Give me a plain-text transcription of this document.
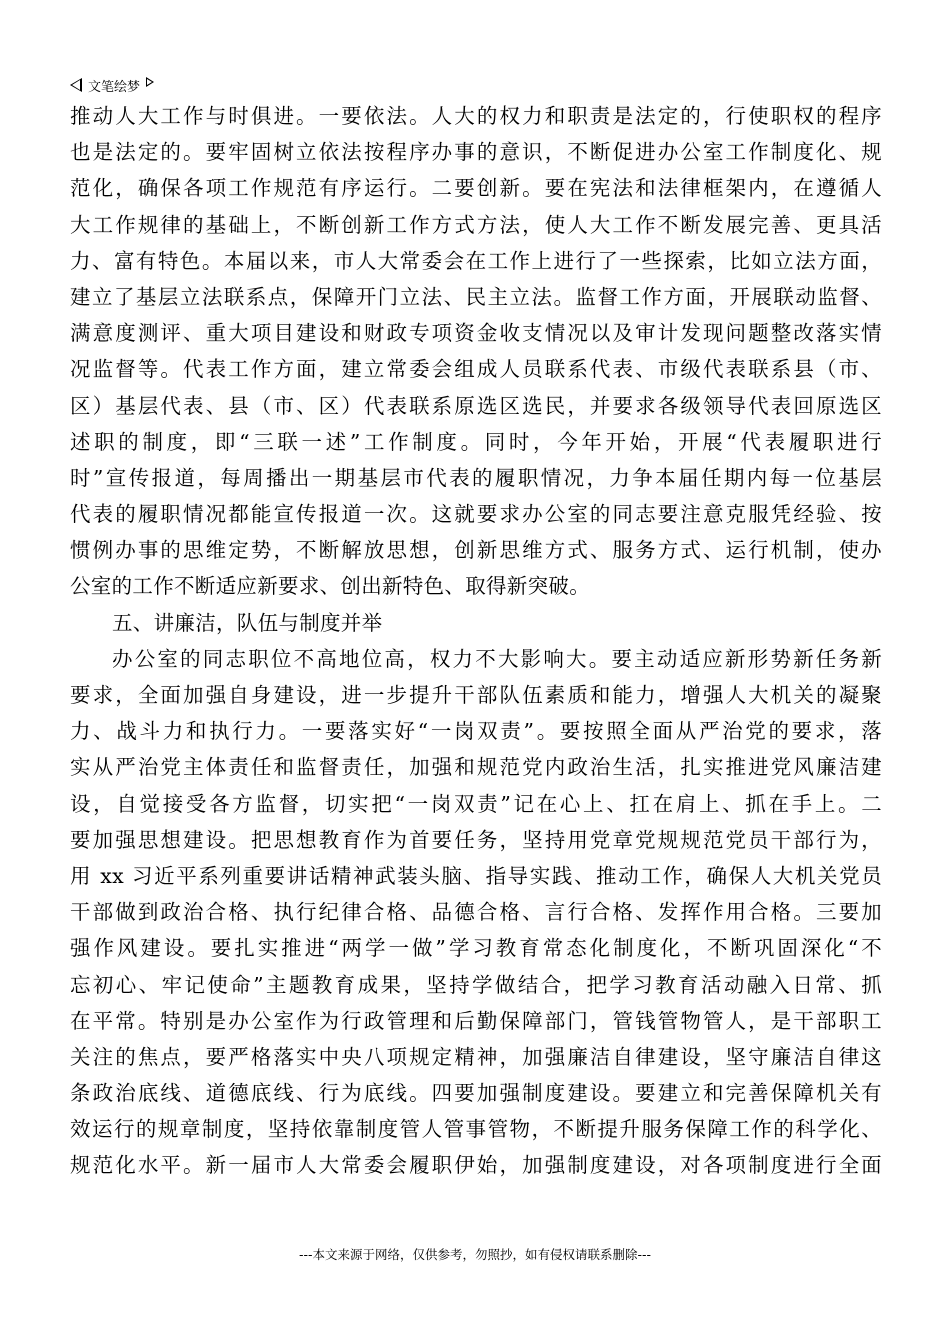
文笔绘梦
推动人大工作与时俱进。一要依法。人大的权力和职责是法定的，行使职权的程序
也是法定的。要牢固树立依法按程序办事的意识，不断促进办公室工作制度化、规
范化，确保各项工作规范有序运行。二要创新。要在宪法和法律框架内，在遵循人
大工作规律的基础上，不断创新工作方式方法，使人大工作不断发展完善、更具活
力、富有特色。本届以来，市人大常委会在工作上进行了一些探索，比如立法方面，
建立了基层立法联系点，保障开门立法、民主立法。监督工作方面，开展联动监督、
满意度测评、重大项目建设和财政专项资金收支情况以及审计发现问题整改落实情
况监督等。代表工作方面，建立常委会组成人员联系代表、市级代表联系县（市、
区）基层代表、县（市、区）代表联系原选区选民，并要求各级领导代表回原选区
述职的制度，即“三联一述”工作制度。同时，今年开始，开展“代表履职进行
时”宣传报道，每周播出一期基层市代表的履职情况，力争本届任期内每一位基层
代表的履职情况都能宣传报道一次。这就要求办公室的同志要注意克服凭经验、按
惯例办事的思维定势，不断解放思想，创新思维方式、服务方式、运行机制，使办
公室的工作不断适应新要求、创出新特色、取得新突破。
五、讲廉洁，队伍与制度并举
办公室的同志职位不高地位高，权力不大影响大。要主动适应新形势新任务新
要求，全面加强自身建设，进一步提升干部队伍素质和能力，增强人大机关的凝聚
力、战斗力和执行力。一要落实好“一岗双责”。要按照全面从严治党的要求，落
实从严治党主体责任和监督责任，加强和规范党内政治生活，扎实推进党风廉洁建
设，自觉接受各方监督，切实把“一岗双责”记在心上、扛在肩上、抓在手上。二
要加强思想建设。把思想教育作为首要任务，坚持用党章党规规范党员干部行为，
用 xx 习近平系列重要讲话精神武装头脑、指导实践、推动工作，确保人大机关党员
干部做到政治合格、执行纪律合格、品德合格、言行合格、发挥作用合格。三要加
强作风建设。要扎实推进“两学一做”学习教育常态化制度化，不断巩固深化“不
忘初心、牢记使命”主题教育成果，坚持学做结合，把学习教育活动融入日常、抓
在平常。特别是办公室作为行政管理和后勤保障部门，管钱管物管人，是干部职工
关注的焦点，要严格落实中央八项规定精神，加强廉洁自律建设，坚守廉洁自律这
条政治底线、道德底线、行为底线。四要加强制度建设。要建立和完善保障机关有
效运行的规章制度，坚持依靠制度管人管事管物，不断提升服务保障工作的科学化、
规范化水平。新一届市人大常委会履职伊始，加强制度建设，对各项制度进行全面
---本文来源于网络，仅供参考，勿照抄，如有侵权请联系删除---
